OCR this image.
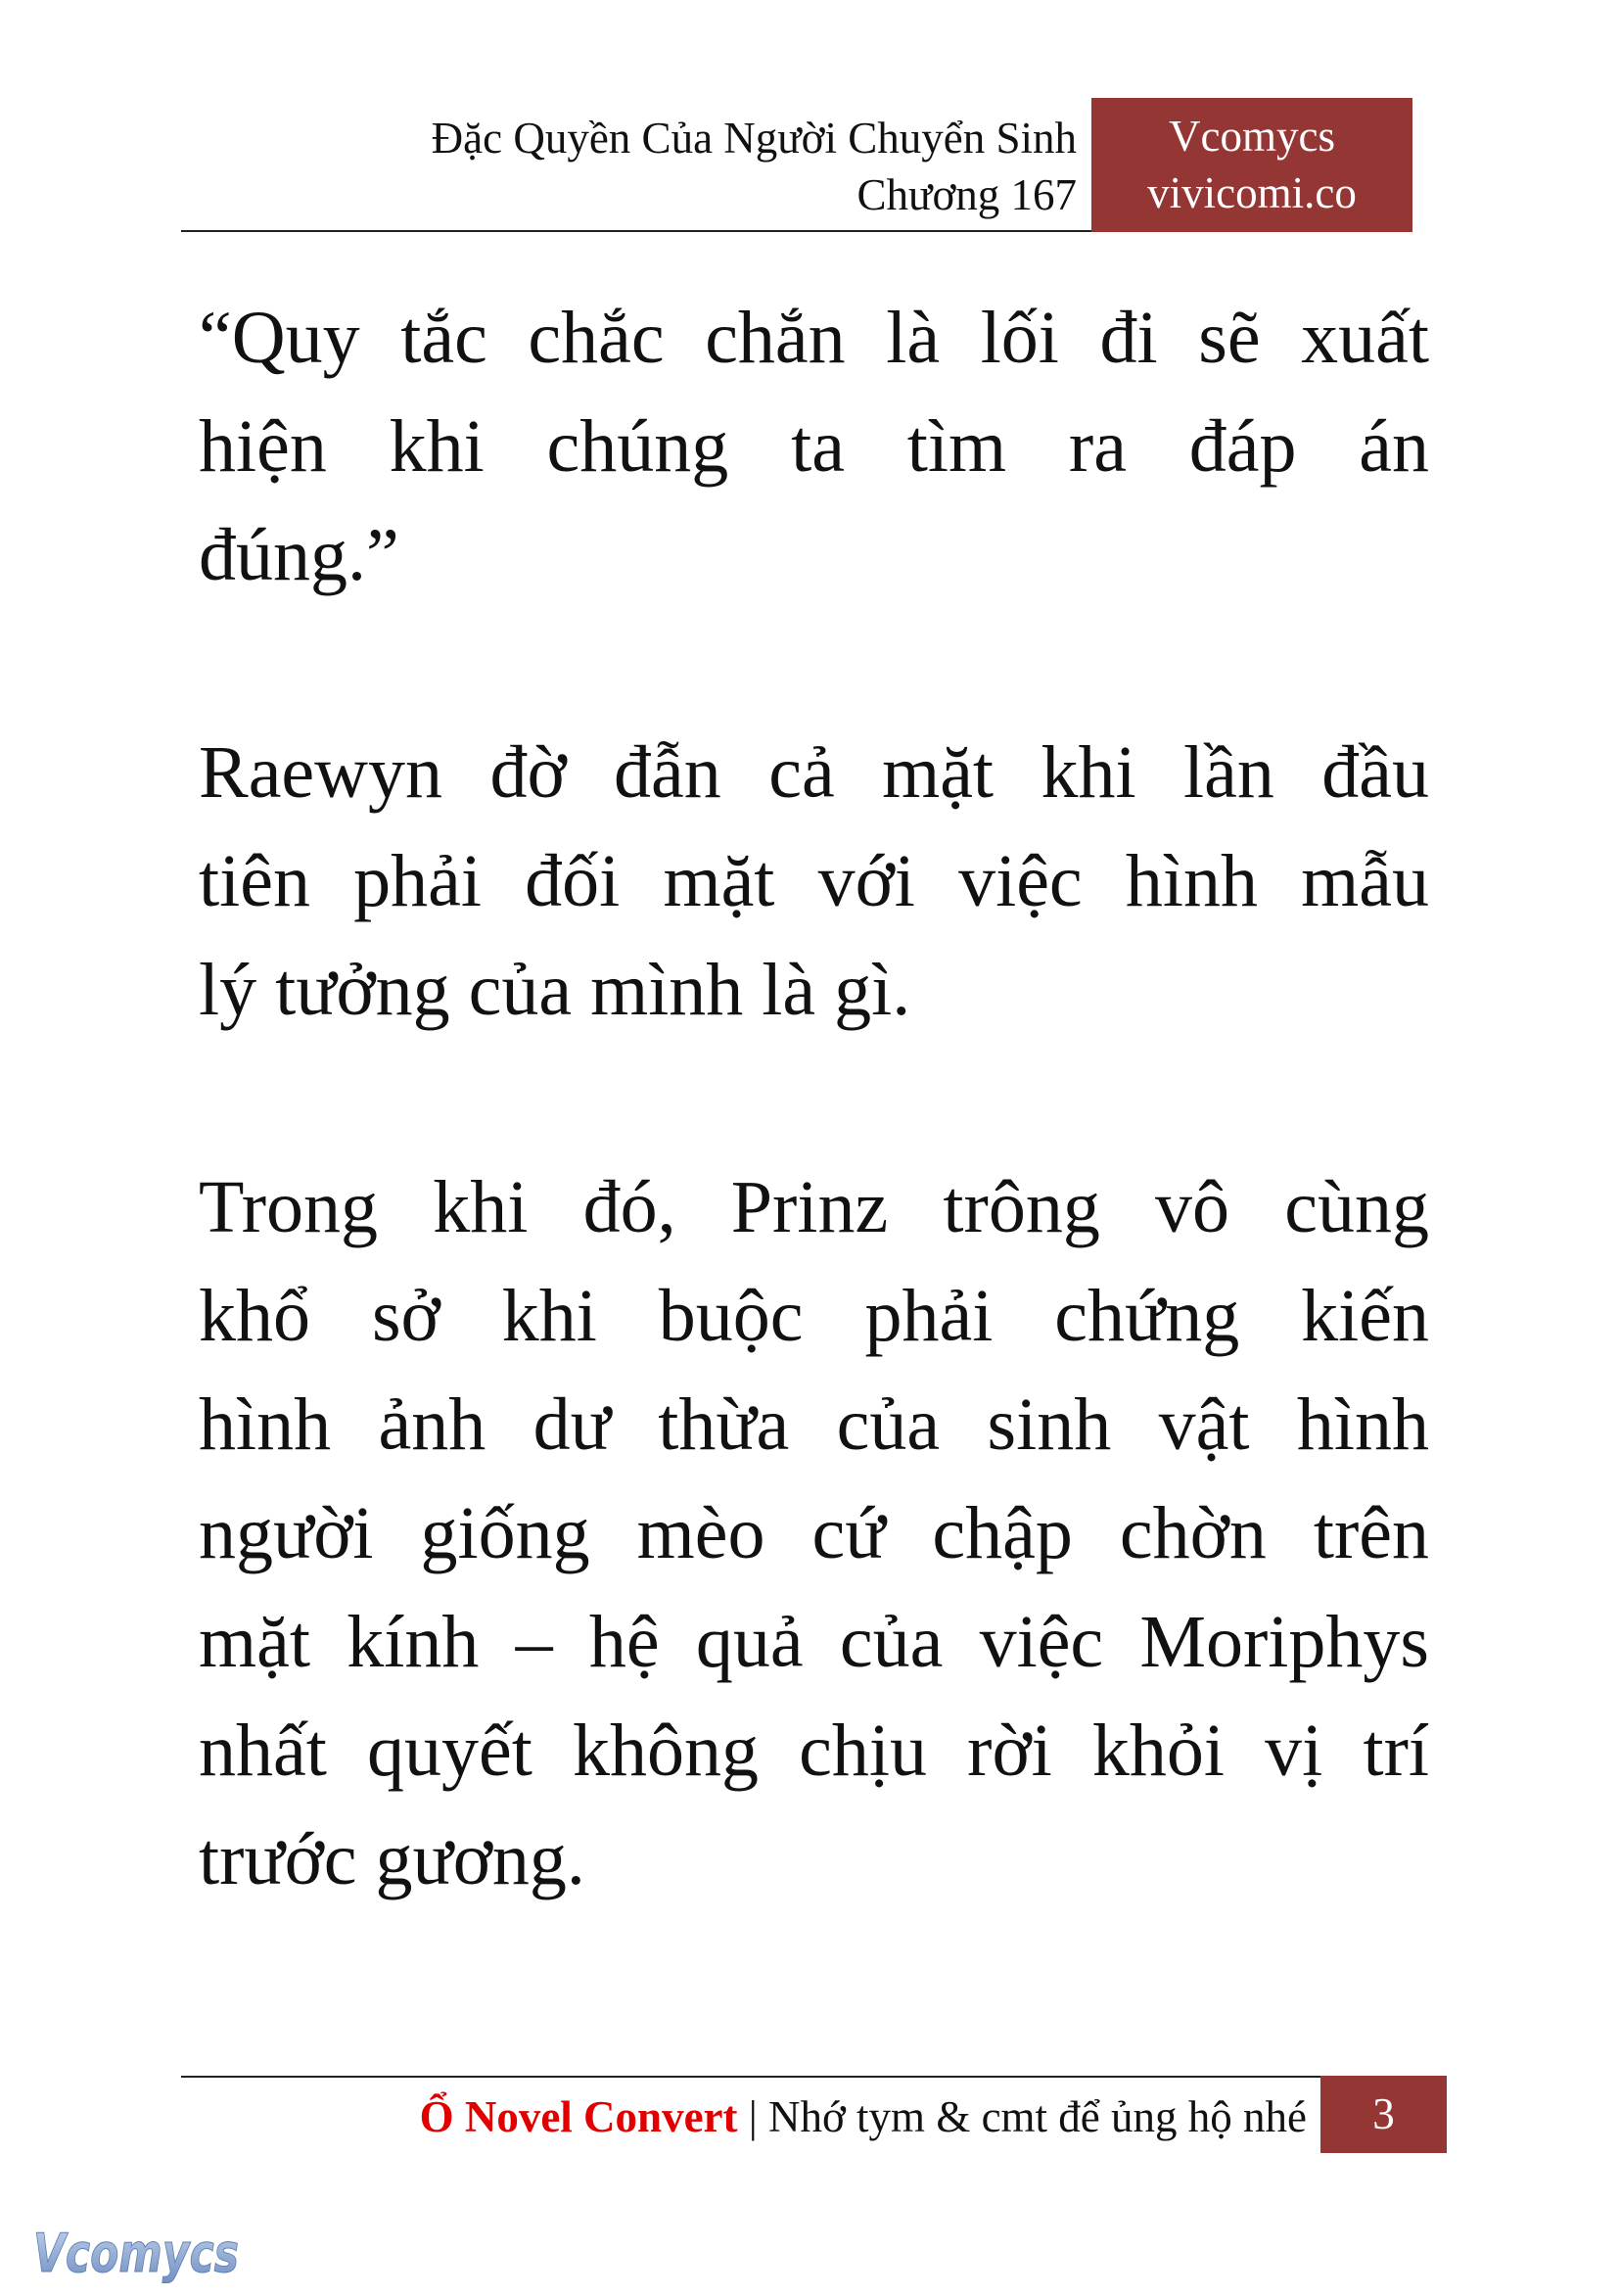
Đặc Quyền Của Người Chuyển Sinh
Chương 167
Vcomycs
vivicomi.co
“Quy tắc chắc chắn là lối đi sẽ xuất
hiện khi chúng ta tìm ra đáp án
đúng.”
Raewyn đờ đẫn cả mặt khi lần đầu
tiên phải đối mặt với việc hình mẫu
lý tưởng của mình là gì.
Trong khi đó, Prinz trông vô cùng
khổ sở khi buộc phải chứng kiến
hình ảnh dư thừa của sinh vật hình
người giống mèo cứ chập chờn trên
mặt kính – hệ quả của việc Moriphys
nhất quyết không chịu rời khỏi vị trí
trước gương.
Ổ Novel Convert | Nhớ tym & cmt để ủng hộ nhé	3
Vcomycs
